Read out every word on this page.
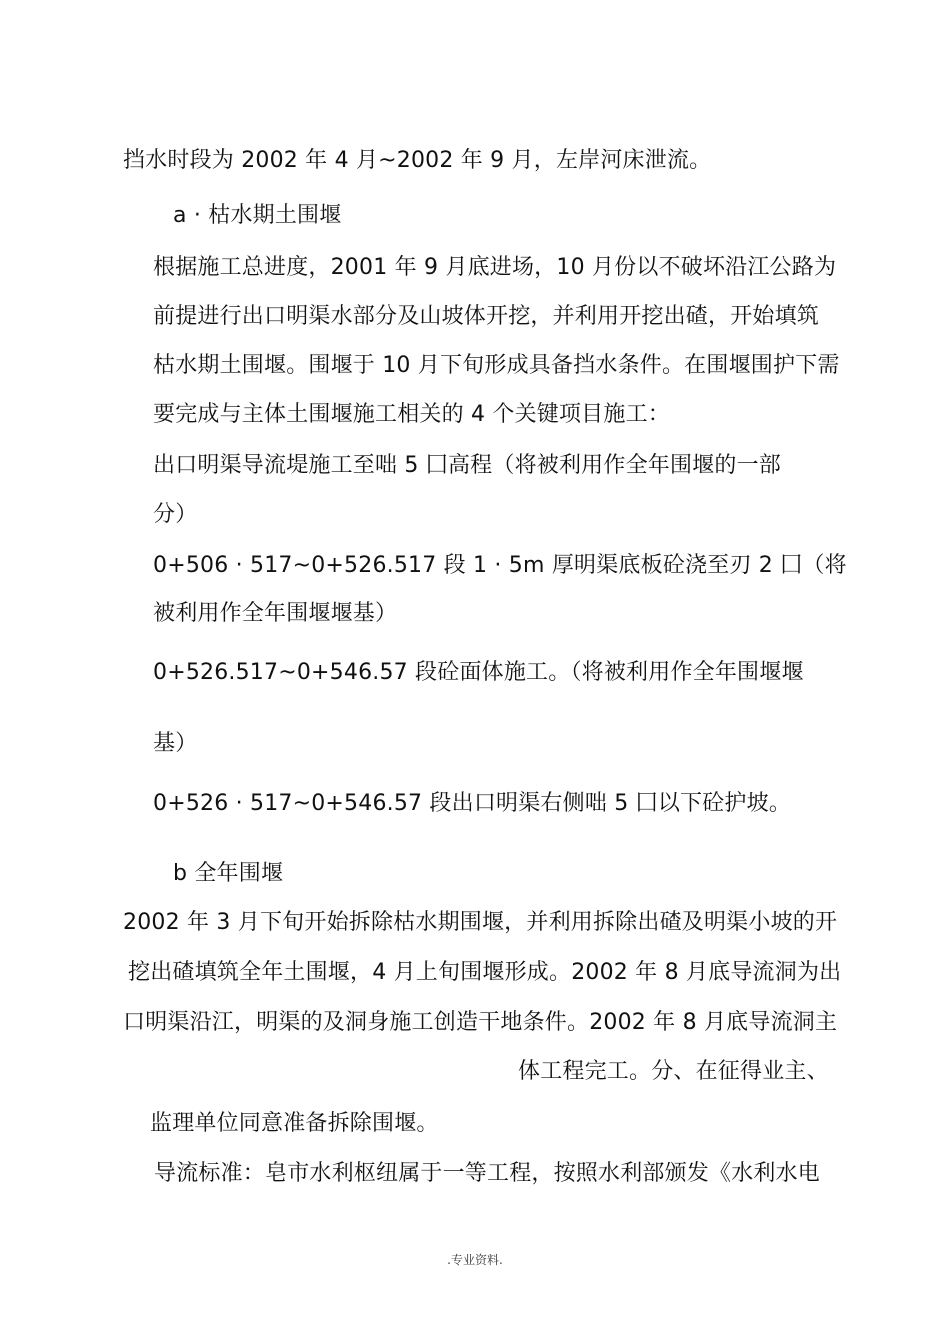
挡水时段为 2002 年 4 月~2002 年 9 月，左岸河床泄流。
a · 枯水期土围堰
根据施工总进度，2001 年 9 月底进场，10 月份以不破坏沿江公路为
前提进行出口明渠水部分及山坡体开挖，并利用开挖出碴，开始填筑
枯水期土围堰。围堰于 10 月下旬形成具备挡水条件。在围堰围护下需
要完成与主体土围堰施工相关的 4 个关键项目施工：
出口明渠导流堤施工至咄 5 囗高程（将被利用作全年围堰的一部
分）
0+506 · 517~0+526.517 段 1 · 5m 厚明渠底板砼浇至刃 2 囗（将
被利用作全年围堰堰基）
0+526.517~0+546.57 段砼面体施工。（将被利用作全年围堰堰
基）
0+526 · 517~0+546.57 段出口明渠右侧咄 5 囗以下砼护坡。
b 全年围堰
2002 年 3 月下旬开始拆除枯水期围堰，并利用拆除出碴及明渠小坡的开
挖出碴填筑全年土围堰，4 月上旬围堰形成。2002 年 8 月底导流洞为出
口明渠沿江，明渠的及洞身施工创造干地条件。2002 年 8 月底导流洞主
体工程完工。分、在征得业主、
监理单位同意准备拆除围堰。
导流标准：皂市水利枢纽属于一等工程，按照水利部颁发《水利水电
.专业资料.
